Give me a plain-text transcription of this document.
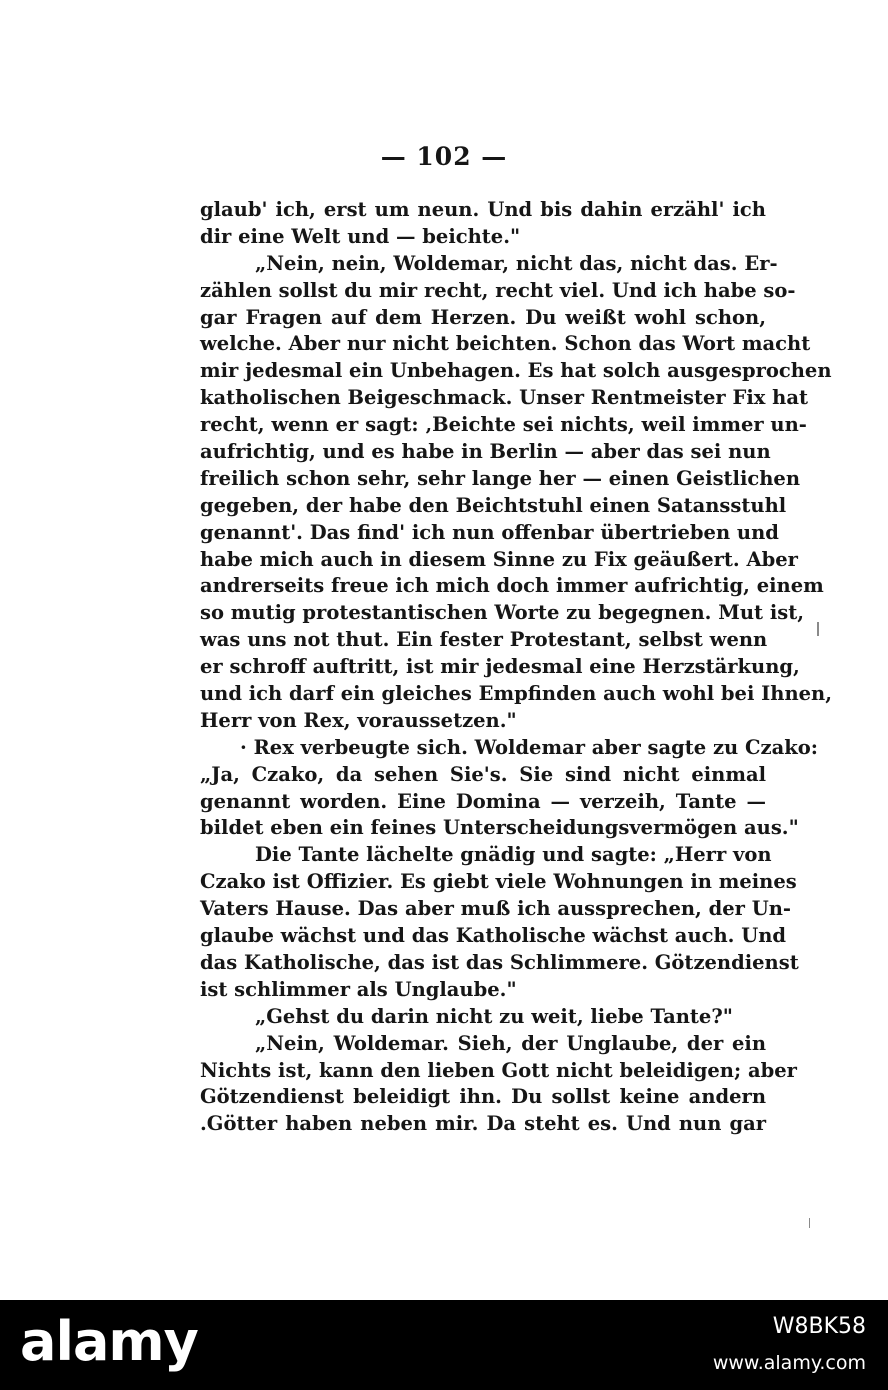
— 102 —
glaub' ich, erst um neun. Und bis dahin erzähl' ich
dir eine Welt und — beichte."
„Nein, nein, Woldemar, nicht das, nicht das. Er-
zählen sollst du mir recht, recht viel. Und ich habe so-
gar Fragen auf dem Herzen. Du weißt wohl schon,
welche. Aber nur nicht beichten. Schon das Wort macht
mir jedesmal ein Unbehagen. Es hat solch ausgesprochen
katholischen Beigeschmack. Unser Rentmeister Fix hat
recht, wenn er sagt: ‚Beichte sei nichts, weil immer un-
aufrichtig, und es habe in Berlin — aber das sei nun
freilich schon sehr, sehr lange her — einen Geistlichen
gegeben, der habe den Beichtstuhl einen Satansstuhl
genannt'. Das find' ich nun offenbar übertrieben und
habe mich auch in diesem Sinne zu Fix geäußert. Aber
andrerseits freue ich mich doch immer aufrichtig, einem
so mutig protestantischen Worte zu begegnen. Mut ist,
was uns not thut. Ein fester Protestant, selbst wenn
er schroff auftritt, ist mir jedesmal eine Herzstärkung,
und ich darf ein gleiches Empfinden auch wohl bei Ihnen,
Herr von Rex, voraussetzen."
· Rex verbeugte sich. Woldemar aber sagte zu Czako:
„Ja, Czako, da sehen Sie's. Sie sind nicht einmal
genannt worden. Eine Domina — verzeih, Tante —
bildet eben ein feines Unterscheidungsvermögen aus."
Die Tante lächelte gnädig und sagte: „Herr von
Czako ist Offizier. Es giebt viele Wohnungen in meines
Vaters Hause. Das aber muß ich aussprechen, der Un-
glaube wächst und das Katholische wächst auch. Und
das Katholische, das ist das Schlimmere. Götzendienst
ist schlimmer als Unglaube."
„Gehst du darin nicht zu weit, liebe Tante?"
„Nein, Woldemar. Sieh, der Unglaube, der ein
Nichts ist, kann den lieben Gott nicht beleidigen; aber
Götzendienst beleidigt ihn. Du sollst keine andern
.Götter haben neben mir. Da steht es. Und nun gar
alamy	W8BK58
www.alamy.com
